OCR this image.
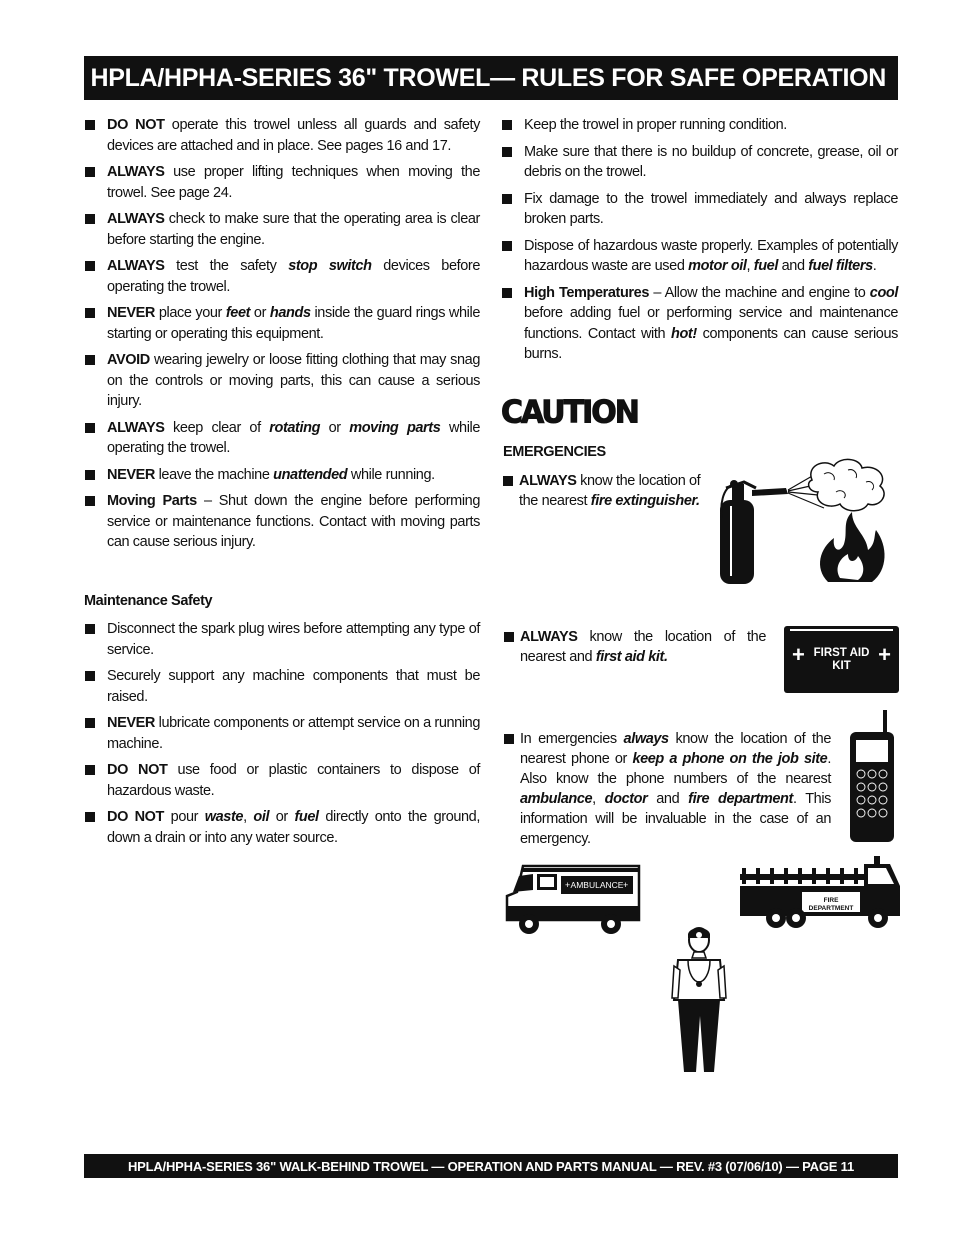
HPLA/HPHA-SERIES 36" TROWEL— RULES FOR SAFE OPERATION
DO NOT operate this trowel unless all guards and safety devices are attached and in place. See pages 16 and 17.
ALWAYS use proper lifting techniques when moving the trowel. See page 24.
ALWAYS check to make sure that the operating area is clear before starting the engine.
ALWAYS test the safety stop switch devices before operating the trowel.
NEVER place your feet or hands inside the guard rings while starting or operating this equipment.
AVOID wearing jewelry or loose fitting clothing that may snag on the controls or moving parts, this can cause a serious injury.
ALWAYS keep clear of rotating or moving parts while operating the trowel.
NEVER leave the machine unattended while running.
Moving Parts – Shut down the engine before performing service or maintenance functions. Contact with moving parts can cause serious injury.

Maintenance Safety

Disconnect the spark plug wires before attempting any type of service.
Securely support any machine components that must be raised.
NEVER lubricate components or attempt service on a running machine.
DO NOT use food or plastic containers to dispose of hazardous waste.
DO NOT pour waste, oil or fuel directly onto the ground, down a drain or into any water source.
Keep the trowel in proper running condition.
Make sure that there is no buildup of concrete, grease, oil or debris on the trowel.
Fix damage to the trowel immediately and always replace broken parts.
Dispose of hazardous waste properly. Examples of potentially hazardous waste are used motor oil, fuel and fuel filters.
High Temperatures – Allow the machine and engine to cool before adding fuel or performing service and maintenance functions. Contact with hot! components can cause serious burns.
CAUTION
EMERGENCIES
ALWAYS know the location of the nearest fire extinguisher.
ALWAYS know the location of the nearest and first aid kit.	+	+
FIRST AID
KIT
In emergencies always know the location of the nearest phone or keep a phone on the job site. Also know the phone numbers of the nearest ambulance, doctor and fire department. This information will be invaluable in the case of an emergency.
AMBULANCE
+	+
FIRE
DEPARTMENT
HPLA/HPHA-SERIES 36" WALK-BEHIND TROWEL — OPERATION AND PARTS MANUAL — REV. #3 (07/06/10) — PAGE 11
